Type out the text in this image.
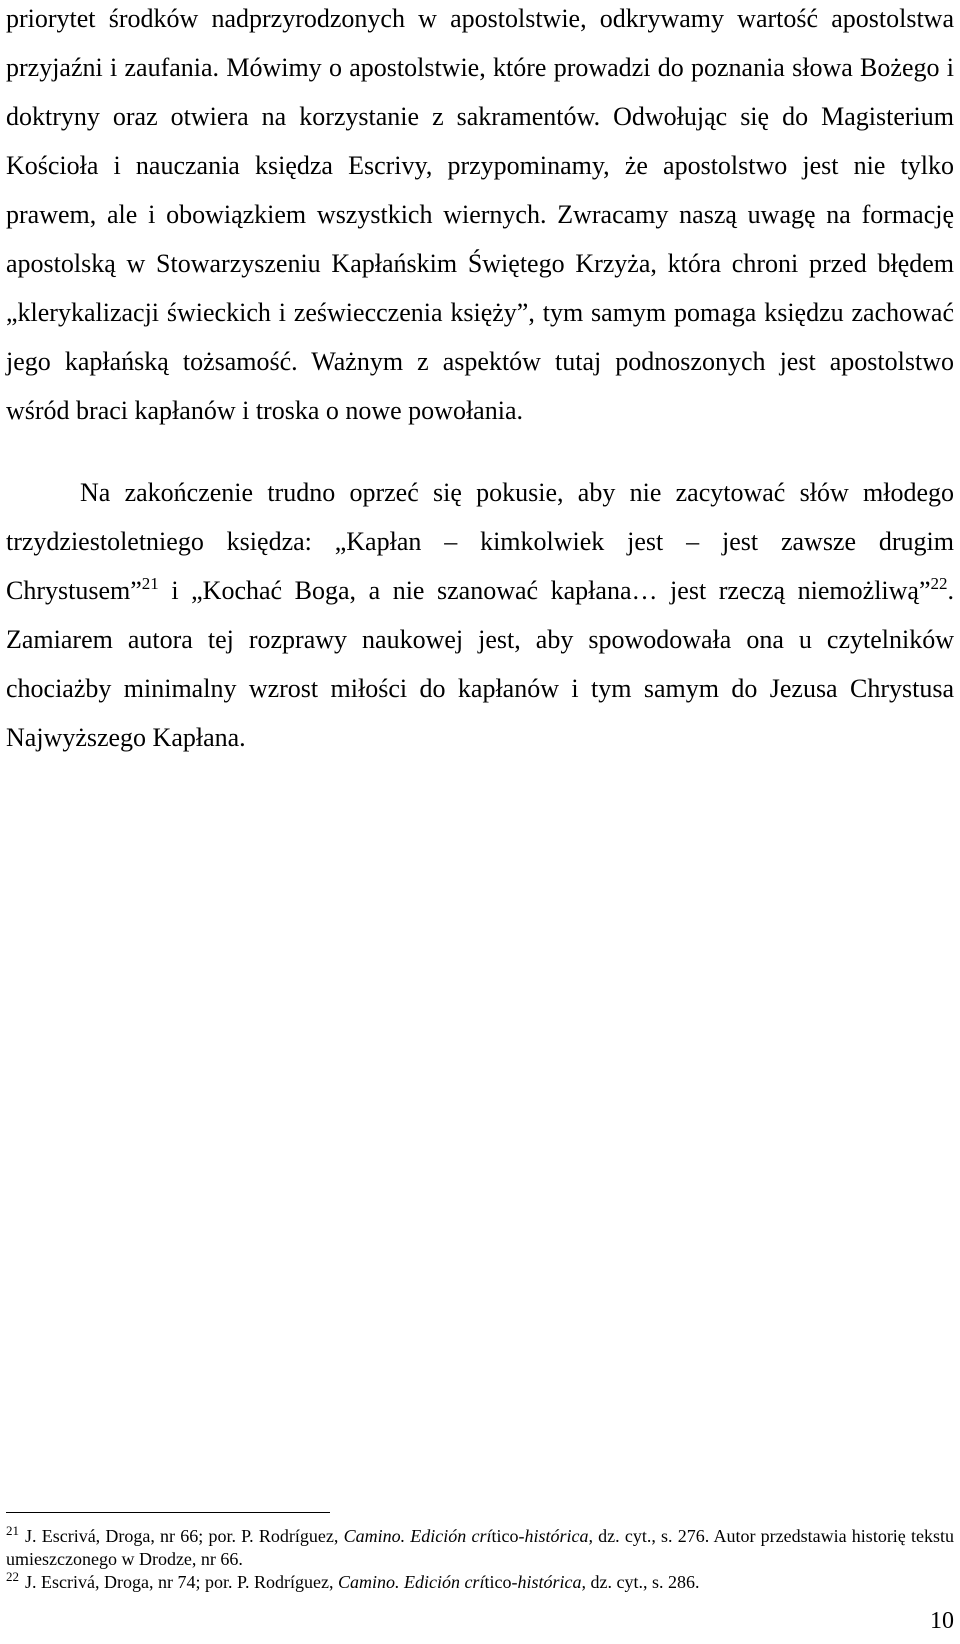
priorytet środków nadprzyrodzonych w apostolstwie, odkrywamy wartość apostolstwa przyjaźni i zaufania. Mówimy o apostolstwie, które prowadzi do poznania słowa Bożego i doktryny oraz otwiera na korzystanie z sakramentów. Odwołując się do Magisterium Kościoła i nauczania księdza Escrivy, przypominamy, że apostolstwo jest nie tylko prawem, ale i obowiązkiem wszystkich wiernych. Zwracamy naszą uwagę na formację apostolską w Stowarzyszeniu Kapłańskim Świętego Krzyża, która chroni przed błędem „klerykalizacji świeckich i zeświecczenia księży”, tym samym pomaga księdzu zachować jego kapłańską tożsamość. Ważnym z aspektów tutaj podnoszonych jest apostolstwo wśród braci kapłanów i troska o nowe powołania.

Na zakończenie trudno oprzeć się pokusie, aby nie zacytować słów młodego trzydziestoletniego księdza: „Kapłan – kimkolwiek jest – jest zawsze drugim Chrystusem”$^{21}$ i „Kochać Boga, a nie szanować kapłana… jest rzeczą niemożliwą”$^{22}$. Zamiarem autora tej rozprawy naukowej jest, aby spowodowała ona u czytelników chociażby minimalny wzrost miłości do kapłanów i tym samym do Jezusa Chrystusa Najwyższego Kapłana.

$^{21}$ J. Escrivá, Droga, nr 66; por. P. Rodríguez, Camino. Edición crítico-histórica, dz. cyt., s. 276. Autor przedstawia historię tekstu umieszczonego w Drodze, nr 66.

$^{22}$ J. Escrivá, Droga, nr 74; por. P. Rodríguez, Camino. Edición crítico-histórica, dz. cyt., s. 286.

10
